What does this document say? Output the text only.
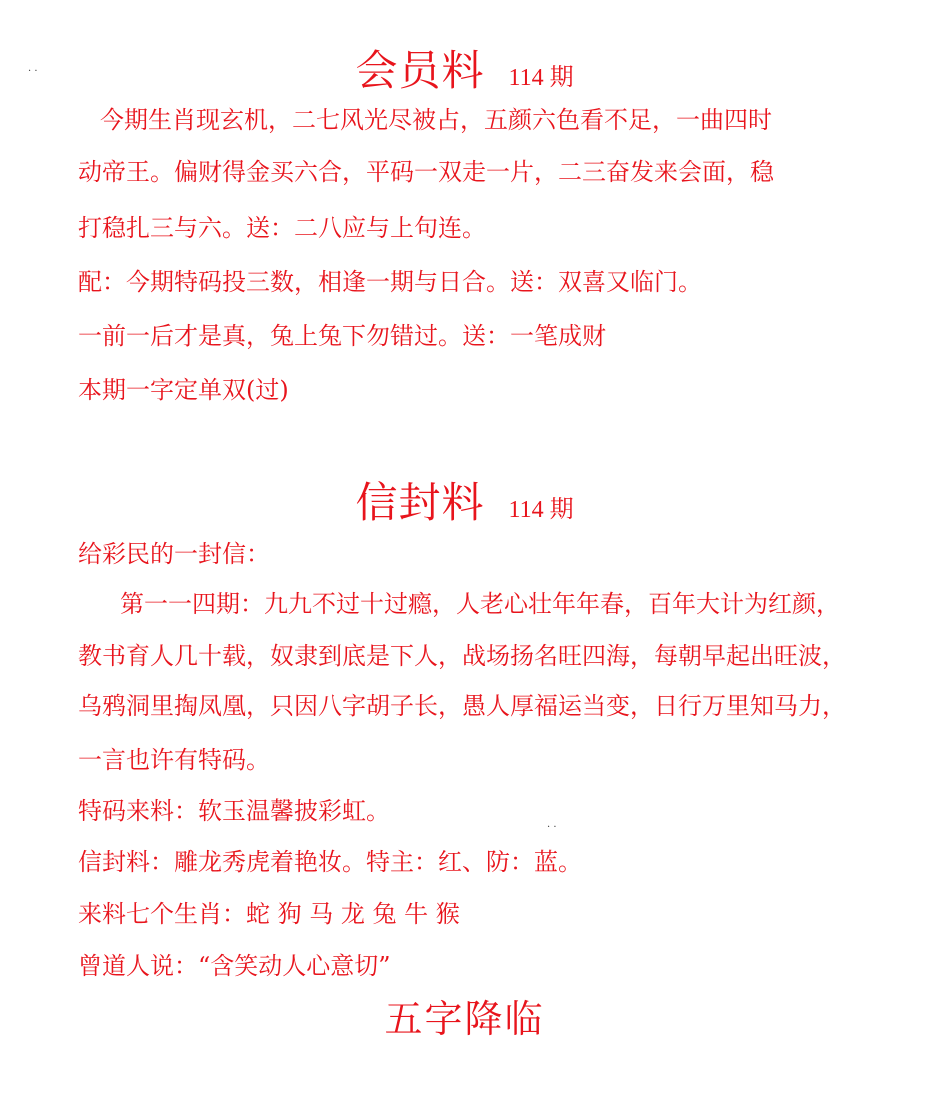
· ·
· ·
会员料 114 期
今期生肖现玄机，二七风光尽被占，五颜六色看不足，一曲四时
动帝王。偏财得金买六合，平码一双走一片，二三奋发来会面，稳
打稳扎三与六。送：二八应与上句连。
配：今期特码投三数，相逢一期与日合。送：双喜又临门。
一前一后才是真，兔上兔下勿错过。送：一笔成财
本期一字定单双(过)
信封料 114 期
给彩民的一封信：
第一一四期：九九不过十过瘾，人老心壮年年春，百年大计为红颜，
教书育人几十载，奴隶到底是下人，战场扬名旺四海，每朝早起出旺波，
乌鸦洞里掏凤凰，只因八字胡子长，愚人厚福运当变，日行万里知马力，
一言也许有特码。
特码来料：软玉温馨披彩虹。
信封料：雕龙秀虎着艳妆。特主：红、防：蓝。
来料七个生肖：蛇 狗 马 龙 兔 牛 猴
曾道人说：“含笑动人心意切”
五字降临
